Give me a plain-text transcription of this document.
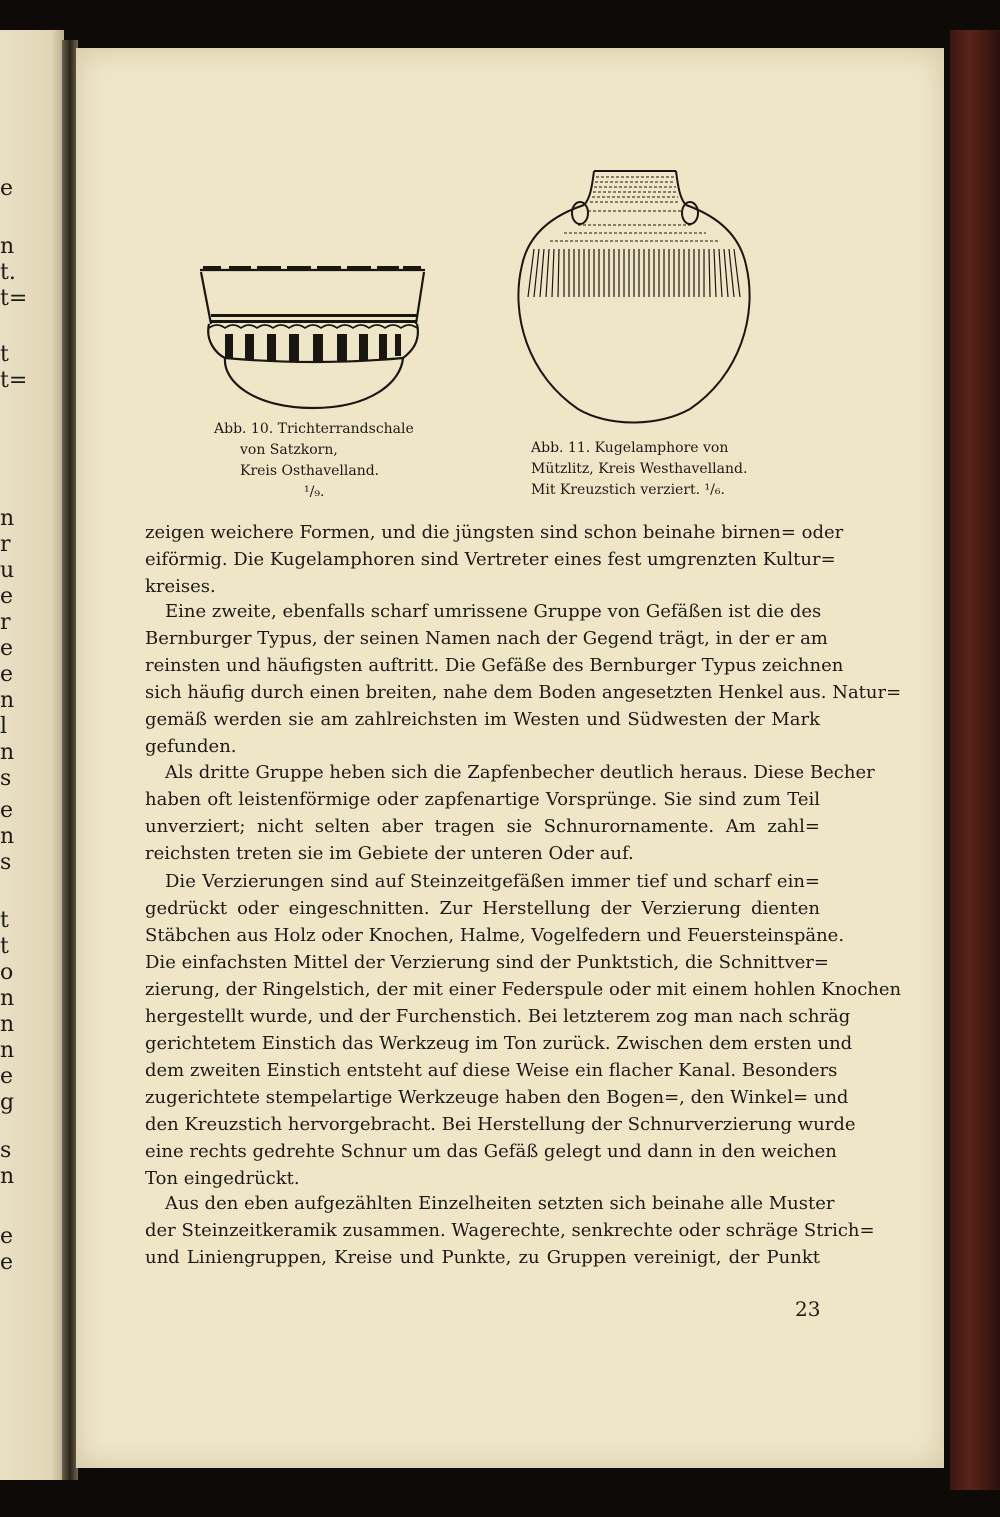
e
n
t.
t=
t
t=
n
r
u
e
r
e
e
n
l
n
s
e
n
s
t
t
o
n
n
n
e
g
s
n
e
e
Abb. 10. Trichterrandschale
von Satzkorn,
Kreis Osthavelland.
¹/₉.
Abb. 11. Kugelamphore von
Mützlitz, Kreis Westhavelland.
Mit Kreuzstich verziert. ¹/₆.
zeigen weichere Formen, und die jüngsten sind schon beinahe birnen= oder
eiförmig. Die Kugelamphoren sind Vertreter eines fest umgrenzten Kultur=
kreises.
Eine zweite, ebenfalls scharf umrissene Gruppe von Gefäßen ist die des
Bernburger Typus, der seinen Namen nach der Gegend trägt, in der er am
reinsten und häufigsten auftritt. Die Gefäße des Bernburger Typus zeichnen
sich häufig durch einen breiten, nahe dem Boden angesetzten Henkel aus. Natur=
gemäß werden sie am zahlreichsten im Westen und Südwesten der Mark
gefunden.
Als dritte Gruppe heben sich die Zapfenbecher deutlich heraus. Diese Becher
haben oft leistenförmige oder zapfenartige Vorsprünge. Sie sind zum Teil
unverziert; nicht selten aber tragen sie Schnurornamente. Am zahl=
reichsten treten sie im Gebiete der unteren Oder auf.
Die Verzierungen sind auf Steinzeitgefäßen immer tief und scharf ein=
gedrückt oder eingeschnitten. Zur Herstellung der Verzierung dienten
Stäbchen aus Holz oder Knochen, Halme, Vogelfedern und Feuersteinspäne.
Die einfachsten Mittel der Verzierung sind der Punktstich, die Schnittver=
zierung, der Ringelstich, der mit einer Federspule oder mit einem hohlen Knochen
hergestellt wurde, und der Furchenstich. Bei letzterem zog man nach schräg
gerichtetem Einstich das Werkzeug im Ton zurück. Zwischen dem ersten und
dem zweiten Einstich entsteht auf diese Weise ein flacher Kanal. Besonders
zugerichtete stempelartige Werkzeuge haben den Bogen=, den Winkel= und
den Kreuzstich hervorgebracht. Bei Herstellung der Schnurverzierung wurde
eine rechts gedrehte Schnur um das Gefäß gelegt und dann in den weichen
Ton eingedrückt.
Aus den eben aufgezählten Einzelheiten setzten sich beinahe alle Muster
der Steinzeitkeramik zusammen. Wagerechte, senkrechte oder schräge Strich=
und Liniengruppen, Kreise und Punkte, zu Gruppen vereinigt, der Punkt
23
